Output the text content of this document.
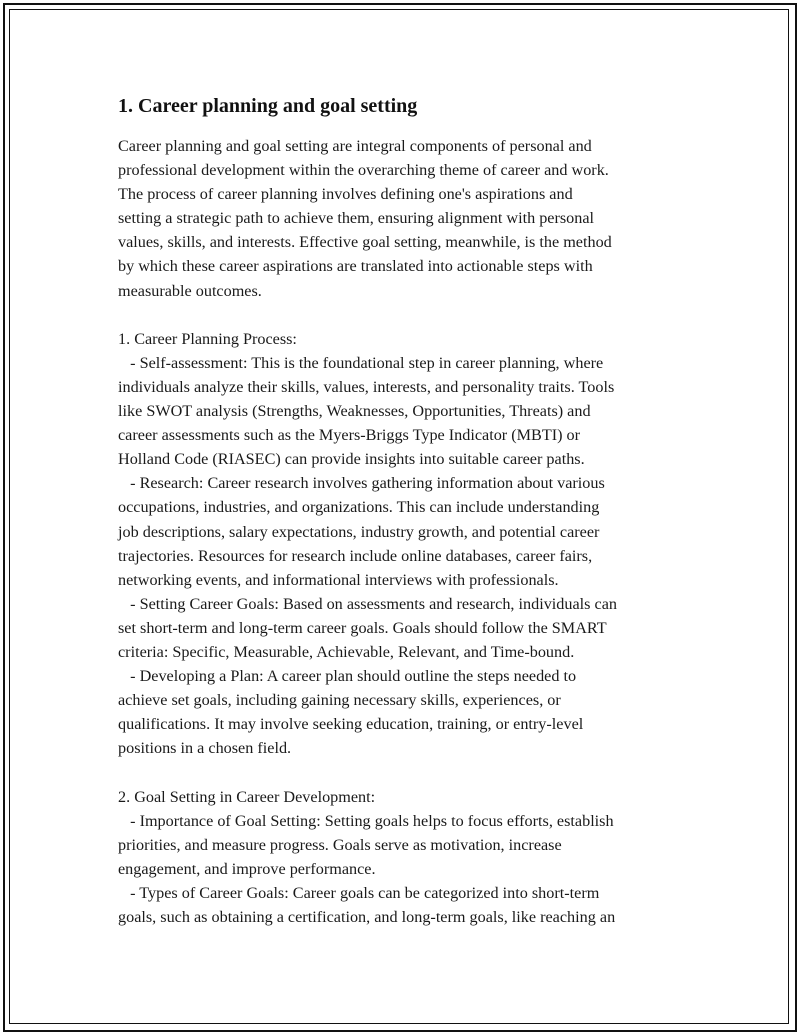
1. Career planning and goal setting
Career planning and goal setting are integral components of personal and
professional development within the overarching theme of career and work.
The process of career planning involves defining one's aspirations and
setting a strategic path to achieve them, ensuring alignment with personal
values, skills, and interests. Effective goal setting, meanwhile, is the method
by which these career aspirations are translated into actionable steps with
measurable outcomes.
1. Career Planning Process:
- Self-assessment: This is the foundational step in career planning, where
individuals analyze their skills, values, interests, and personality traits. Tools
like SWOT analysis (Strengths, Weaknesses, Opportunities, Threats) and
career assessments such as the Myers-Briggs Type Indicator (MBTI) or
Holland Code (RIASEC) can provide insights into suitable career paths.
- Research: Career research involves gathering information about various
occupations, industries, and organizations. This can include understanding
job descriptions, salary expectations, industry growth, and potential career
trajectories. Resources for research include online databases, career fairs,
networking events, and informational interviews with professionals.
- Setting Career Goals: Based on assessments and research, individuals can
set short-term and long-term career goals. Goals should follow the SMART
criteria: Specific, Measurable, Achievable, Relevant, and Time-bound.
- Developing a Plan: A career plan should outline the steps needed to
achieve set goals, including gaining necessary skills, experiences, or
qualifications. It may involve seeking education, training, or entry-level
positions in a chosen field.
2. Goal Setting in Career Development:
- Importance of Goal Setting: Setting goals helps to focus efforts, establish
priorities, and measure progress. Goals serve as motivation, increase
engagement, and improve performance.
- Types of Career Goals: Career goals can be categorized into short-term
goals, such as obtaining a certification, and long-term goals, like reaching an
